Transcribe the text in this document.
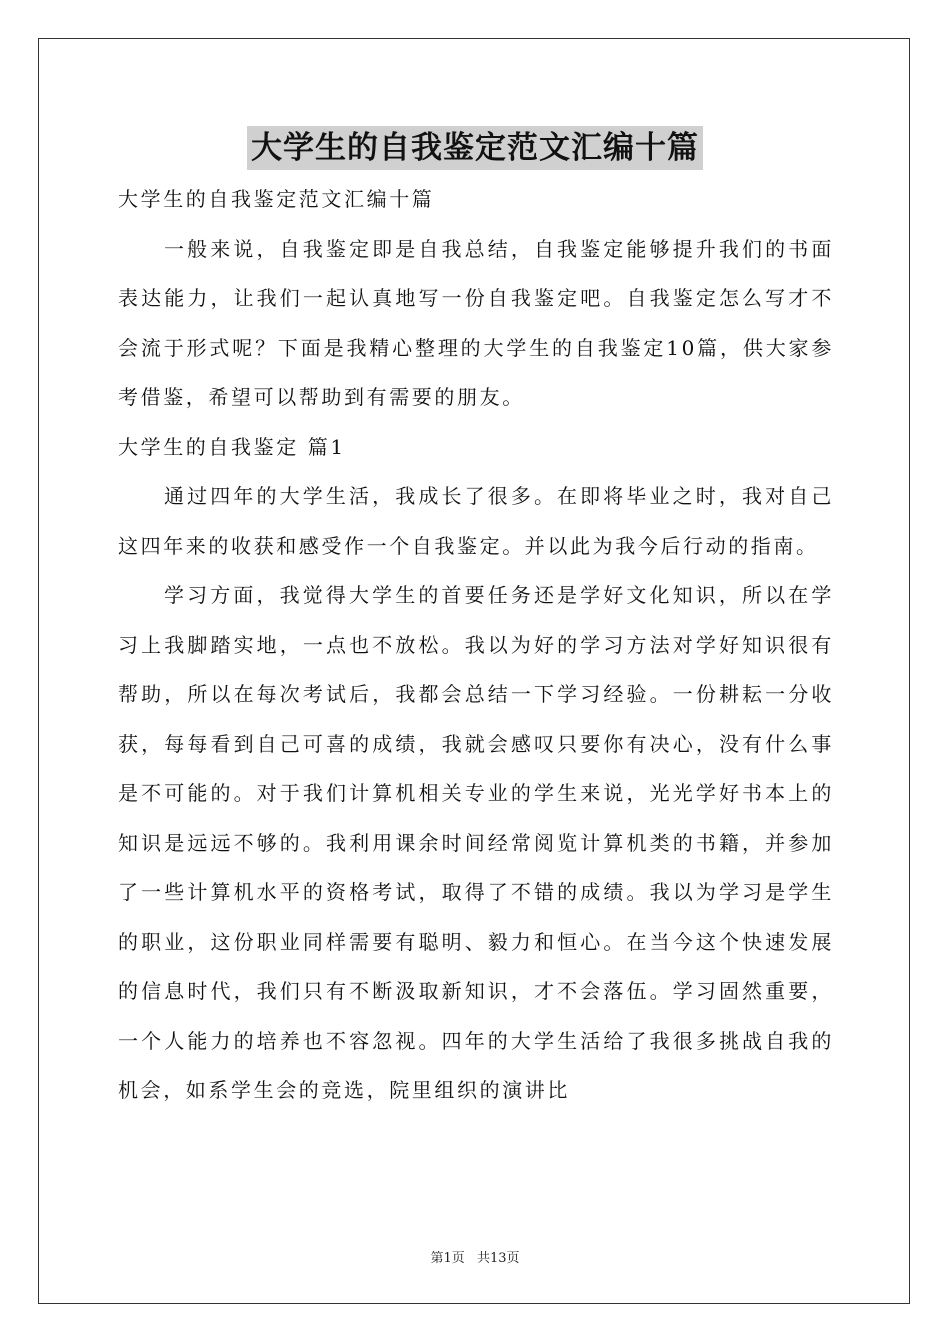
大学生的自我鉴定范文汇编十篇

大学生的自我鉴定范文汇编十篇

一般来说，自我鉴定即是自我总结，自我鉴定能够提升我们的书面表达能力，让我们一起认真地写一份自我鉴定吧。自我鉴定怎么写才不会流于形式呢？下面是我精心整理的大学生的自我鉴定10篇，供大家参考借鉴，希望可以帮助到有需要的朋友。

大学生的自我鉴定 篇1

通过四年的大学生活，我成长了很多。在即将毕业之时，我对自己这四年来的收获和感受作一个自我鉴定。并以此为我今后行动的指南。

学习方面，我觉得大学生的首要任务还是学好文化知识，所以在学习上我脚踏实地，一点也不放松。我以为好的学习方法对学好知识很有帮助，所以在每次考试后，我都会总结一下学习经验。一份耕耘一分收获，每每看到自己可喜的成绩，我就会感叹只要你有决心，没有什么事是不可能的。对于我们计算机相关专业的学生来说，光光学好书本上的知识是远远不够的。我利用课余时间经常阅览计算机类的书籍，并参加了一些计算机水平的资格考试，取得了不错的成绩。我以为学习是学生的职业，这份职业同样需要有聪明、毅力和恒心。在当今这个快速发展的信息时代，我们只有不断汲取新知识，才不会落伍。学习固然重要，一个人能力的培养也不容忽视。四年的大学生活给了我很多挑战自我的机会，如系学生会的竞选，院里组织的演讲比

第1页 共13页
